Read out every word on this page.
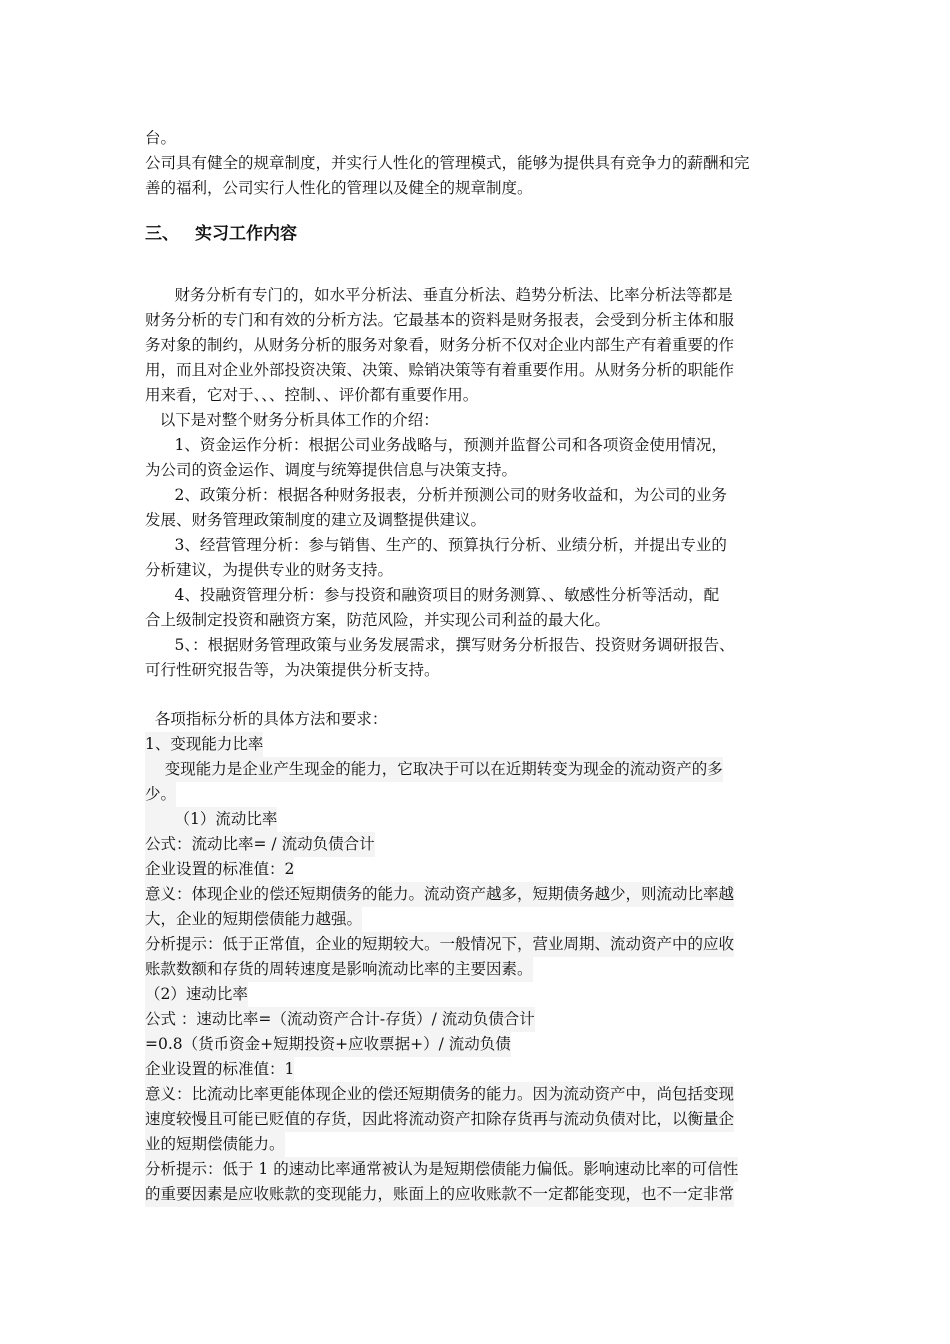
台。
公司具有健全的规章制度，并实行人性化的管理模式，能够为提供具有竞争力的薪酬和完
善的福利，公司实行人性化的管理以及健全的规章制度。
三、 实习工作内容
财务分析有专门的，如水平分析法、垂直分析法、趋势分析法、比率分析法等都是
财务分析的专门和有效的分析方法。它最基本的资料是财务报表，会受到分析主体和服
务对象的制约，从财务分析的服务对象看，财务分析不仅对企业内部生产有着重要的作
用，而且对企业外部投资决策、决策、赊销决策等有着重要作用。从财务分析的职能作
用来看，它对于、、、控制、、评价都有重要作用。
以下是对整个财务分析具体工作的介绍：
1、资金运作分析：根据公司业务战略与，预测并监督公司和各项资金使用情况，
为公司的资金运作、调度与统筹提供信息与决策支持。
2、政策分析：根据各种财务报表，分析并预测公司的财务收益和，为公司的业务
发展、财务管理政策制度的建立及调整提供建议。
3、经营管理分析：参与销售、生产的、预算执行分析、业绩分析，并提出专业的
分析建议，为提供专业的财务支持。
4、投融资管理分析：参与投资和融资项目的财务测算、、敏感性分析等活动，配
合上级制定投资和融资方案，防范风险，并实现公司利益的最大化。
5、：根据财务管理政策与业务发展需求，撰写财务分析报告、投资财务调研报告、
可行性研究报告等，为决策提供分析支持。
各项指标分析的具体方法和要求：
1、变现能力比率
变现能力是企业产生现金的能力，它取决于可以在近期转变为现金的流动资产的多
少。
（1）流动比率
公式：流动比率= / 流动负债合计
企业设置的标准值：2
意义：体现企业的偿还短期债务的能力。流动资产越多，短期债务越少，则流动比率越
大，企业的短期偿债能力越强。
分析提示：低于正常值，企业的短期较大。一般情况下，营业周期、流动资产中的应收
账款数额和存货的周转速度是影响流动比率的主要因素。
（2）速动比率
公式 ：速动比率=（流动资产合计-存货）/ 流动负债合计
=0.8（货币资金+短期投资+应收票据+）/ 流动负债
企业设置的标准值：1
意义：比流动比率更能体现企业的偿还短期债务的能力。因为流动资产中，尚包括变现
速度较慢且可能已贬值的存货，因此将流动资产扣除存货再与流动负债对比，以衡量企
业的短期偿债能力。
分析提示：低于 1 的速动比率通常被认为是短期偿债能力偏低。影响速动比率的可信性
的重要因素是应收账款的变现能力，账面上的应收账款不一定都能变现，也不一定非常
